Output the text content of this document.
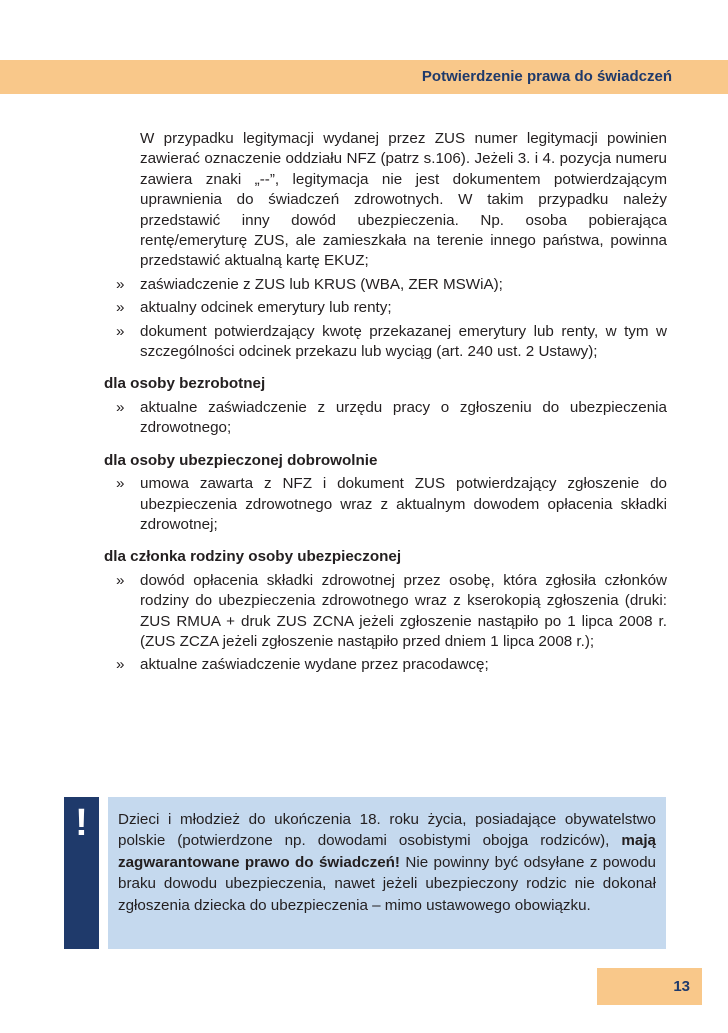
Potwierdzenie prawa do świadczeń
W przypadku legitymacji wydanej przez ZUS numer legitymacji powinien zawierać oznaczenie oddziału NFZ (patrz s.106). Jeżeli 3. i 4. pozycja numeru zawiera znaki „--”, legitymacja nie jest dokumentem potwierdzającym uprawnienia do świadczeń zdrowotnych. W takim przypadku należy przedstawić inny dowód ubezpieczenia. Np. osoba pobierająca rentę/emeryturę ZUS, ale zamieszkała na terenie innego państwa, powinna przedstawić aktualną kartę EKUZ;
» zaświadczenie z ZUS lub KRUS (WBA, ZER MSWiA);
» aktualny odcinek emerytury lub renty;
» dokument potwierdzający kwotę przekazanej emerytury lub renty, w tym w szczególności odcinek przekazu lub wyciąg (art. 240 ust. 2 Ustawy);
dla osoby bezrobotnej
» aktualne zaświadczenie z urzędu pracy o zgłoszeniu do ubezpieczenia zdrowotnego;
dla osoby ubezpieczonej dobrowolnie
» umowa zawarta z NFZ i dokument ZUS potwierdzający zgłoszenie do ubezpieczenia zdrowotnego wraz z aktualnym dowodem opłacenia składki zdrowotnej;
dla członka rodziny osoby ubezpieczonej
» dowód opłacenia składki zdrowotnej przez osobę, która zgłosiła członków rodziny do ubezpieczenia zdrowotnego wraz z kserokopią zgłoszenia (druki: ZUS RMUA + druk ZUS ZCNA jeżeli zgłoszenie nastąpiło po 1 lipca 2008 r. (ZUS ZCZA jeżeli zgłoszenie nastąpiło przed dniem 1 lipca 2008 r.);
» aktualne zaświadczenie wydane przez pracodawcę;
!	Dzieci i młodzież do ukończenia 18. roku życia, posiadające obywatelstwo polskie (potwierdzone np. dowodami osobistymi obojga rodziców), mają zagwarantowane prawo do świadczeń! Nie powinny być odsyłane z powodu braku dowodu ubezpieczenia, nawet jeżeli ubezpieczony rodzic nie dokonał zgłoszenia dziecka do ubezpieczenia – mimo ustawowego obowiązku.
13
